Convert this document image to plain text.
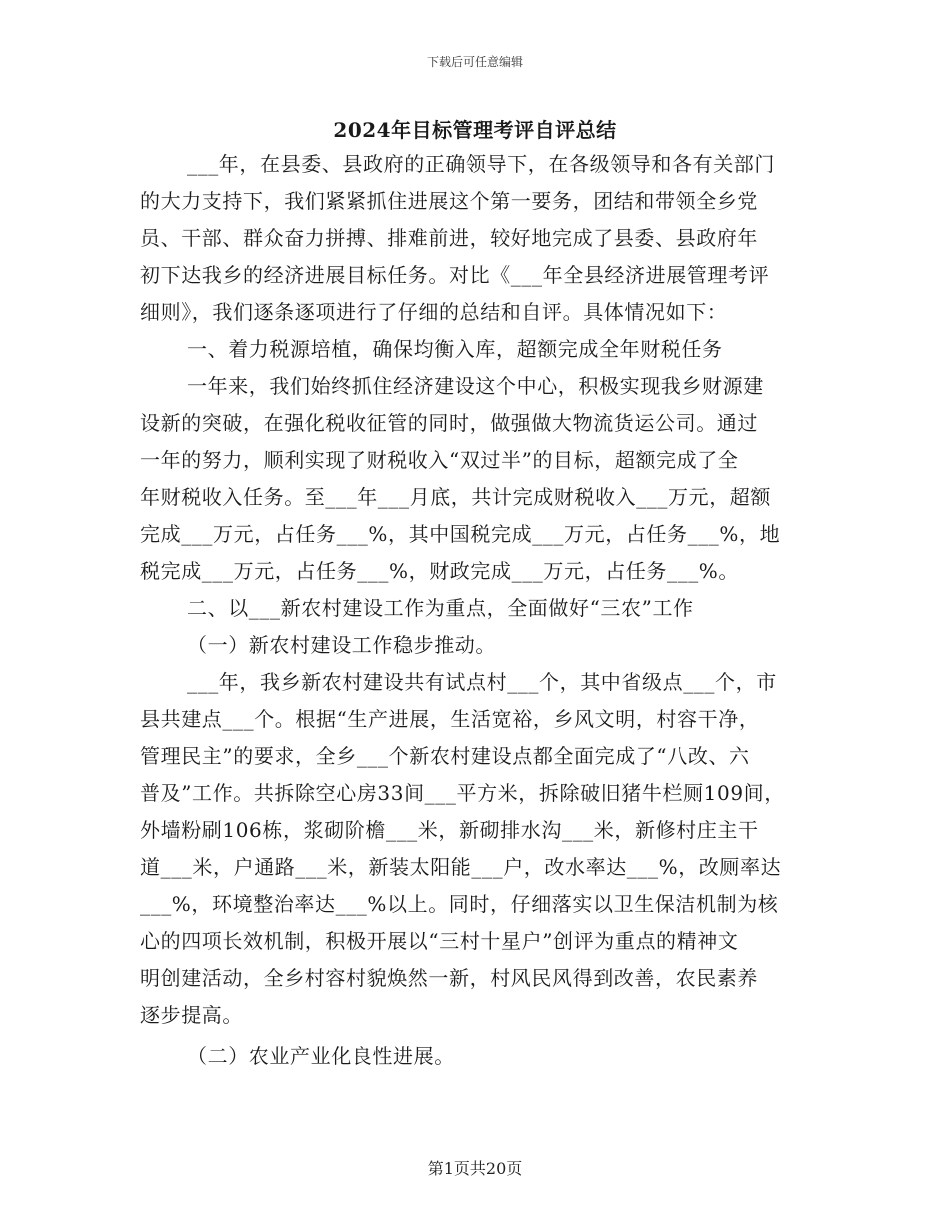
下载后可任意编辑
2024年目标管理考评自评总结
___年，在县委、县政府的正确领导下，在各级领导和各有关部门
的大力支持下，我们紧紧抓住进展这个第一要务，团结和带领全乡党
员、干部、群众奋力拼搏、排难前进，较好地完成了县委、县政府年
初下达我乡的经济进展目标任务。对比《___年全县经济进展管理考评
细则》，我们逐条逐项进行了仔细的总结和自评。具体情况如下：
一、着力税源培植，确保均衡入库，超额完成全年财税任务
一年来，我们始终抓住经济建设这个中心，积极实现我乡财源建
设新的突破，在强化税收征管的同时，做强做大物流货运公司。通过
一年的努力，顺利实现了财税收入“双过半”的目标，超额完成了全
年财税收入任务。至___年___月底，共计完成财税收入___万元，超额
完成___万元，占任务___%，其中国税完成___万元，占任务___%，地
税完成___万元，占任务___%，财政完成___万元，占任务___%。
二、以___新农村建设工作为重点，全面做好“三农”工作
（一）新农村建设工作稳步推动。
___年，我乡新农村建设共有试点村___个，其中省级点___个，市
县共建点___个。根据“生产进展，生活宽裕，乡风文明，村容干净，
管理民主”的要求，全乡___个新农村建设点都全面完成了“八改、六
普及”工作。共拆除空心房33间___平方米，拆除破旧猪牛栏厕109间，
外墙粉刷106栋，浆砌阶檐___米，新砌排水沟___米，新修村庄主干
道___米，户通路___米，新装太阳能___户，改水率达___%，改厕率达
___%，环境整治率达___%以上。同时，仔细落实以卫生保洁机制为核
心的四项长效机制，积极开展以“三村十星户”创评为重点的精神文
明创建活动，全乡村容村貌焕然一新，村风民风得到改善，农民素养
逐步提高。
（二）农业产业化良性进展。
第1页共20页
